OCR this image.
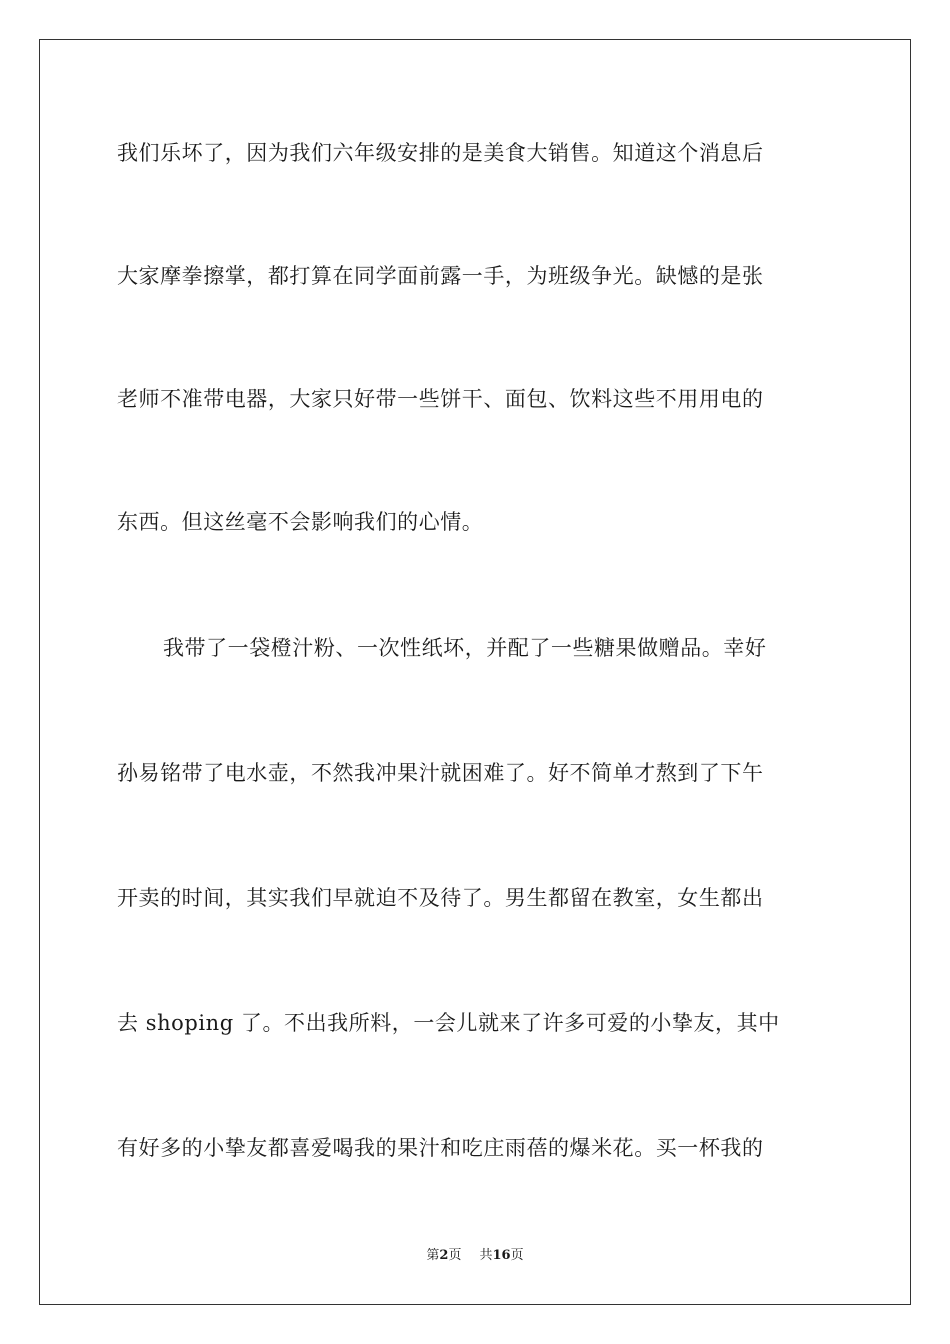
我们乐坏了，因为我们六年级安排的是美食大销售。知道这个消息后
大家摩拳擦掌，都打算在同学面前露一手，为班级争光。缺憾的是张
老师不准带电器，大家只好带一些饼干、面包、饮料这些不用用电的
东西。但这丝毫不会影响我们的心情。
我带了一袋橙汁粉、一次性纸坏，并配了一些糖果做赠品。幸好
孙易铭带了电水壶，不然我冲果汁就困难了。好不简单才熬到了下午
开卖的时间，其实我们早就迫不及待了。男生都留在教室，女生都出
去 shoping 了。不出我所料，一会儿就来了许多可爱的小挚友，其中
有好多的小挚友都喜爱喝我的果汁和吃庄雨蓓的爆米花。买一杯我的
第2页 共16页
